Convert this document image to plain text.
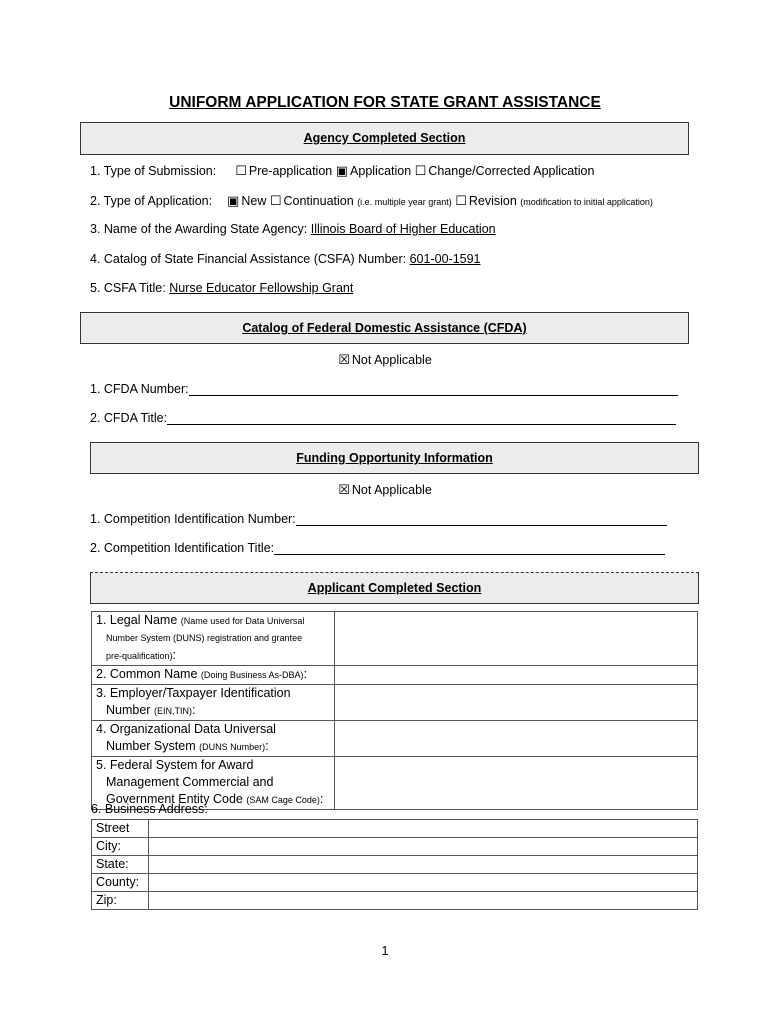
UNIFORM APPLICATION FOR STATE GRANT ASSISTANCE
Agency Completed Section
1. Type of Submission: ☐ Pre-application ▣ Application ☐ Change/Corrected Application
2. Type of Application: ▣ New ☐ Continuation (i.e. multiple year grant) ☐ Revision (modification to initial application)
3. Name of the Awarding State Agency: Illinois Board of Higher Education
4. Catalog of State Financial Assistance (CSFA) Number: 601-00-1591
5. CSFA Title: Nurse Educator Fellowship Grant
Catalog of Federal Domestic Assistance (CFDA)
☒ Not Applicable
1. CFDA Number:
2. CFDA Title:
Funding Opportunity Information
☒ Not Applicable
1. Competition Identification Number:
2. Competition Identification Title:
Applicant Completed Section
1. Legal Name (Name used for Data Universal
Number System (DUNS) registration and grantee
pre-qualification):	

2. Common Name (Doing Business As-DBA):	
3. Employer/Taxpayer Identification
Number (EIN,TIN):	

4. Organizational Data Universal
Number System (DUNS Number):	

5. Federal System for Award
Management Commercial and
Government Entity Code (SAM Cage Code):	

6. Business Address:
Street	
City:	
State:	
County:	
Zip:	
1
